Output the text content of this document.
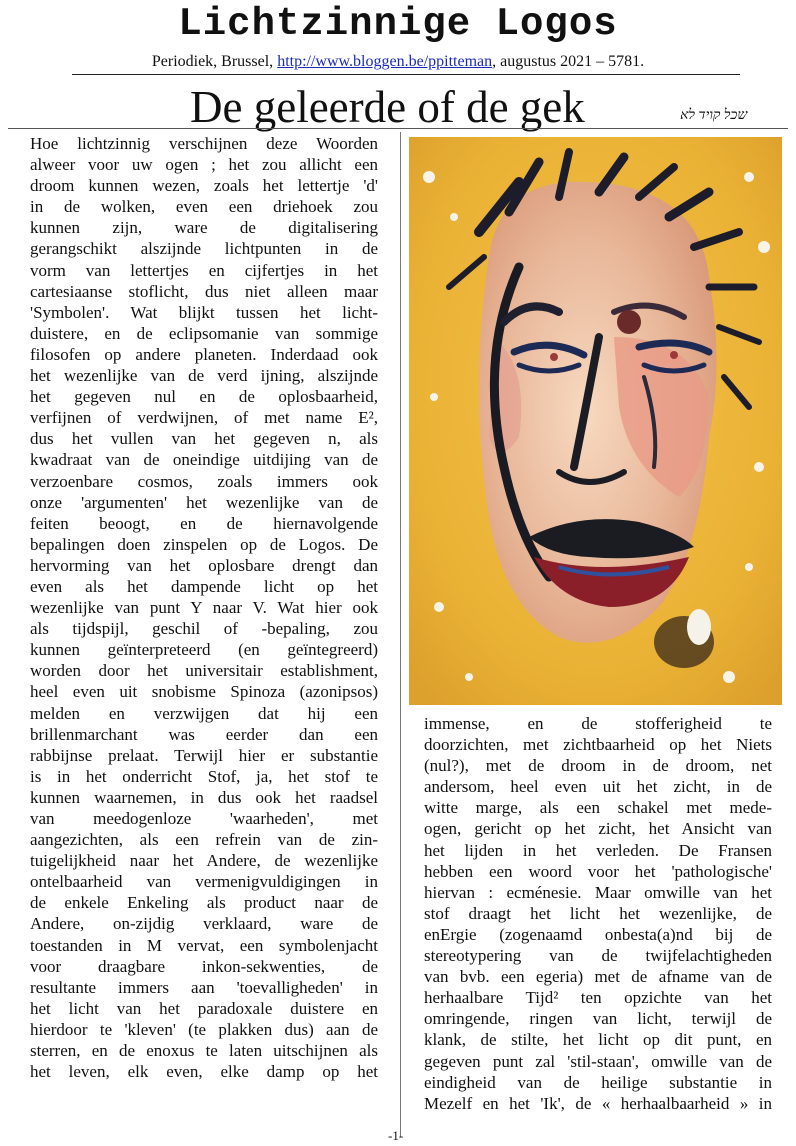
Lichtzinnige Logos
Periodiek, Brussel, http://www.bloggen.be/ppitteman, augustus 2021 – 5781.
De geleerde of de gek	שכל קויד לא
Hoe lichtzinnig verschijnen deze Woorden
alweer voor uw ogen ; het zou allicht een
droom kunnen wezen, zoals het lettertje 'd'
in de wolken, even een driehoek zou
kunnen zijn, ware de digitalisering
gerangschikt alszijnde lichtpunten in de
vorm van lettertjes en cijfertjes in het
cartesiaanse stoflicht, dus niet alleen maar
'Symbolen'. Wat blijkt tussen het licht-
duistere, en de eclipsomanie van sommige
filosofen op andere planeten. Inderdaad ook
het wezenlijke van de verd ijning, alszijnde
het gegeven nul en de oplosbaarheid,
verfijnen of verdwijnen, of met name E²,
dus het vullen van het gegeven n, als
kwadraat van de oneindige uitdijing van de
verzoenbare cosmos, zoals immers ook
onze 'argumenten' het wezenlijke van de
feiten beoogt, en de hiernavolgende
bepalingen doen zinspelen op de Logos. De
hervorming van het oplosbare drengt dan
even als het dampende licht op het
wezenlijke van punt Y naar V. Wat hier ook
als tijdspijl, geschil of -bepaling, zou
kunnen geïnterpreteerd (en geïntegreerd)
worden door het universitair establishment,
heel even uit snobisme Spinoza (azonipsos)
melden en verzwijgen dat hij een
brillenmarchant was eerder dan een
rabbijnse prelaat. Terwijl hier er substantie
is in het onderricht Stof, ja, het stof te
kunnen waarnemen, in dus ook het raadsel
van meedogenloze 'waarheden', met
aangezichten, als een refrein van de zin-
tuigelijkheid naar het Andere, de wezenlijke
ontelbaarheid van vermenigvuldigingen in
de enkele Enkeling als product naar de
Andere, on-zijdig verklaard, ware de
toestanden in M vervat, een symbolenjacht
voor draagbare inkon-sekwenties, de
resultante immers aan 'toevalligheden' in
het licht van het paradoxale duistere en
hierdoor te 'kleven' (te plakken dus) aan de
sterren, en de enoxus te laten uitschijnen als
het leven, elk even, elke damp op het
immense, en de stofferigheid te
doorzichten, met zichtbaarheid op het Niets
(nul?), met de droom in de droom, net
andersom, heel even uit het zicht, in de
witte marge, als een schakel met mede-
ogen, gericht op het zicht, het Ansicht van
het lijden in het verleden. De Fransen
hebben een woord voor het 'pathologische'
hiervan : ecménesie. Maar omwille van het
stof draagt het licht het wezenlijke, de
enErgie (zogenaamd onbesta(a)nd bij de
stereotypering van de twijfelachtigheden
van bvb. een egeria) met de afname van de
herhaalbare Tijd² ten opzichte van het
omringende, ringen van licht, terwijl de
klank, de stilte, het licht op dit punt, en
gegeven punt zal 'stil-staan', omwille van de
eindigheid van de heilige substantie in
Mezelf en het 'Ik', de « herhaalbaarheid » in
-1-
